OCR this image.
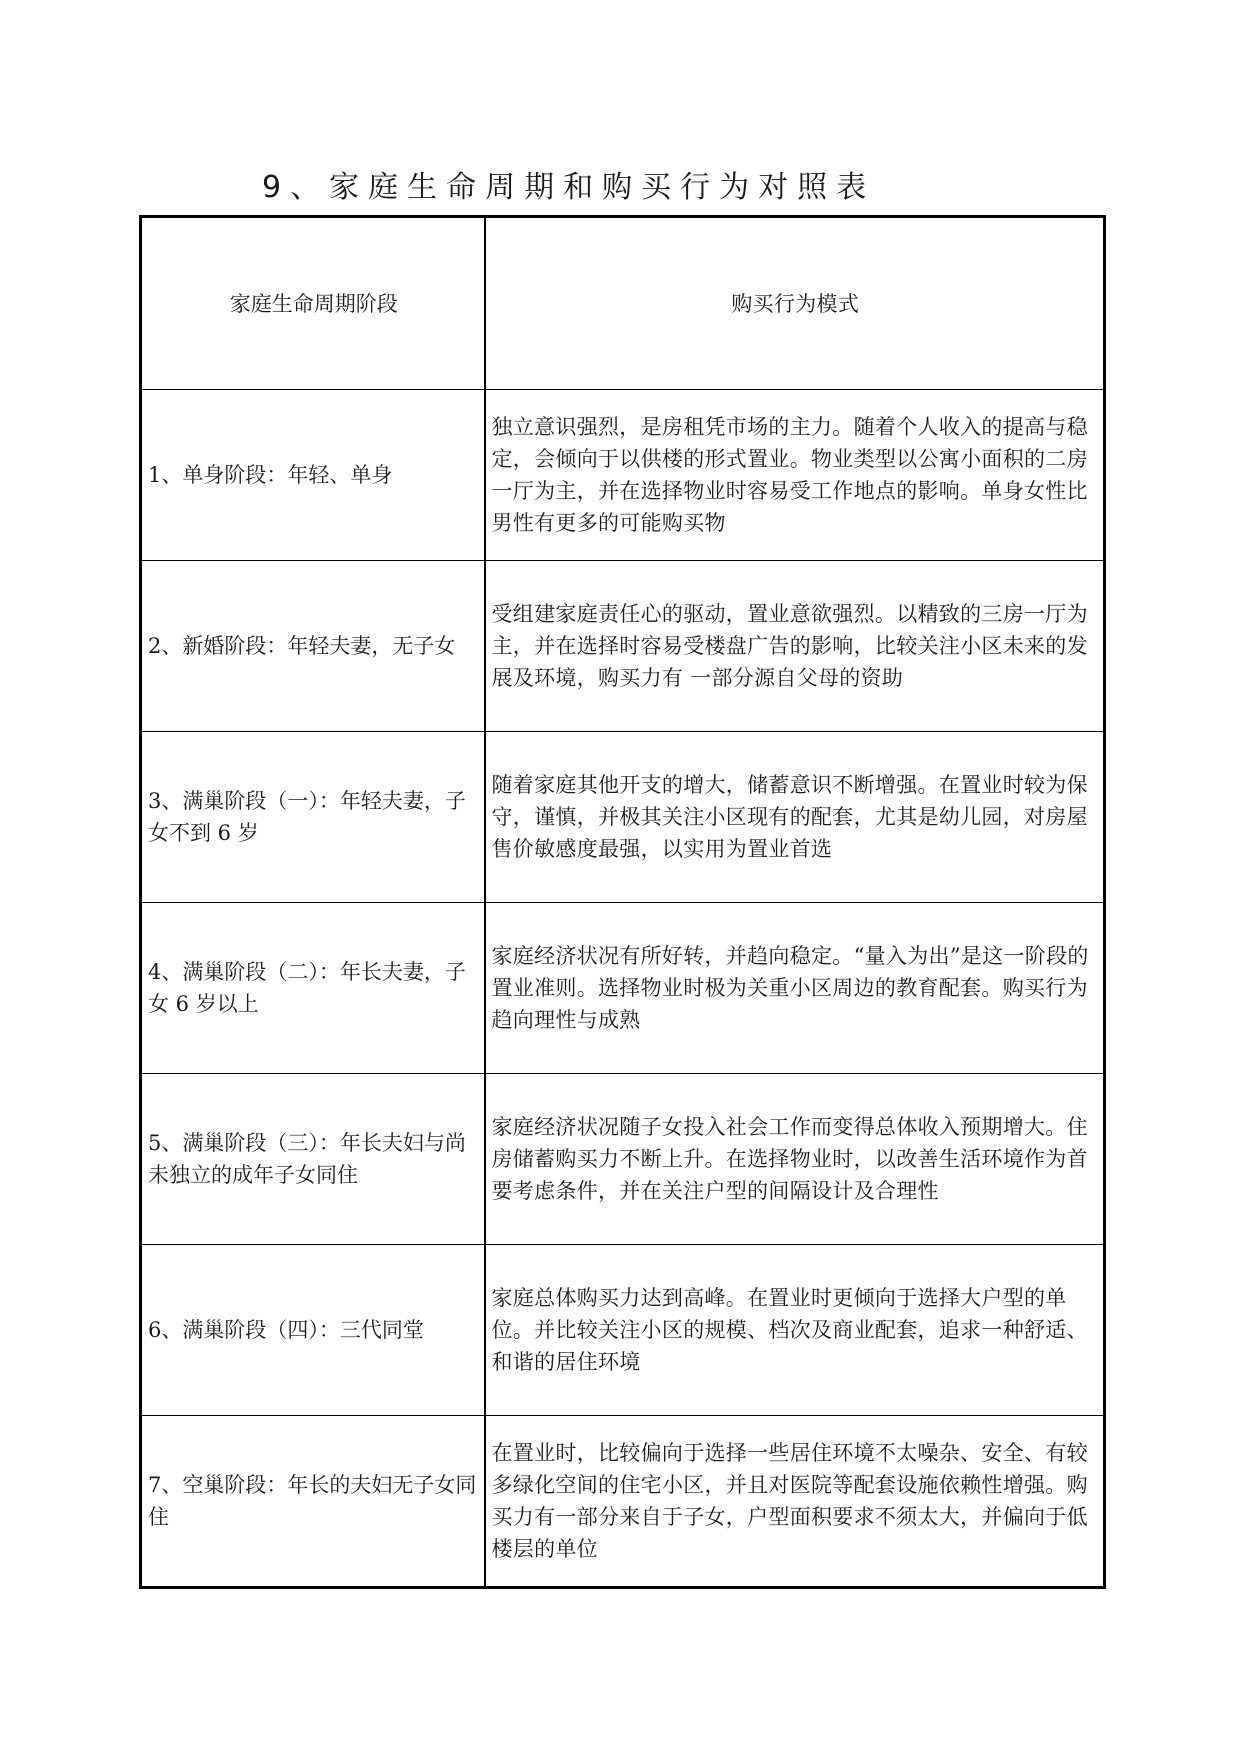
9、家庭生命周期和购买行为对照表
家庭生命周期阶段	购买行为模式
1、单身阶段：年轻、单身	独立意识强烈，是房租凭市场的主力。随着个人收入的提高与稳定，会倾向于以供楼的形式置业。物业类型以公寓小面积的二房一厅为主，并在选择物业时容易受工作地点的影响。单身女性比男性有更多的可能购买物
2、新婚阶段：年轻夫妻，无子女	受组建家庭责任心的驱动，置业意欲强烈。以精致的三房一厅为主，并在选择时容易受楼盘广告的影响，比较关注小区未来的发展及环境，购买力有 一部分源自父母的资助
3、满巢阶段（一）：年轻夫妻，子女不到 6 岁	随着家庭其他开支的增大，储蓄意识不断增强。在置业时较为保守，谨慎，并极其关注小区现有的配套，尤其是幼儿园，对房屋售价敏感度最强，以实用为置业首选
4、满巢阶段（二）：年长夫妻，子女 6 岁以上	家庭经济状况有所好转，并趋向稳定。“量入为出”是这一阶段的置业准则。选择物业时极为关重小区周边的教育配套。购买行为趋向理性与成熟
5、满巢阶段（三）：年长夫妇与尚未独立的成年子女同住	家庭经济状况随子女投入社会工作而变得总体收入预期增大。住房储蓄购买力不断上升。在选择物业时，以改善生活环境作为首要考虑条件，并在关注户型的间隔设计及合理性
6、满巢阶段（四）：三代同堂	家庭总体购买力达到高峰。在置业时更倾向于选择大户型的单位。并比较关注小区的规模、档次及商业配套，追求一种舒适、和谐的居住环境
7、空巢阶段：年长的夫妇无子女同住	在置业时，比较偏向于选择一些居住环境不太噪杂、安全、有较多绿化空间的住宅小区，并且对医院等配套设施依赖性增强。购买力有一部分来自于子女，户型面积要求不须太大，并偏向于低楼层的单位
